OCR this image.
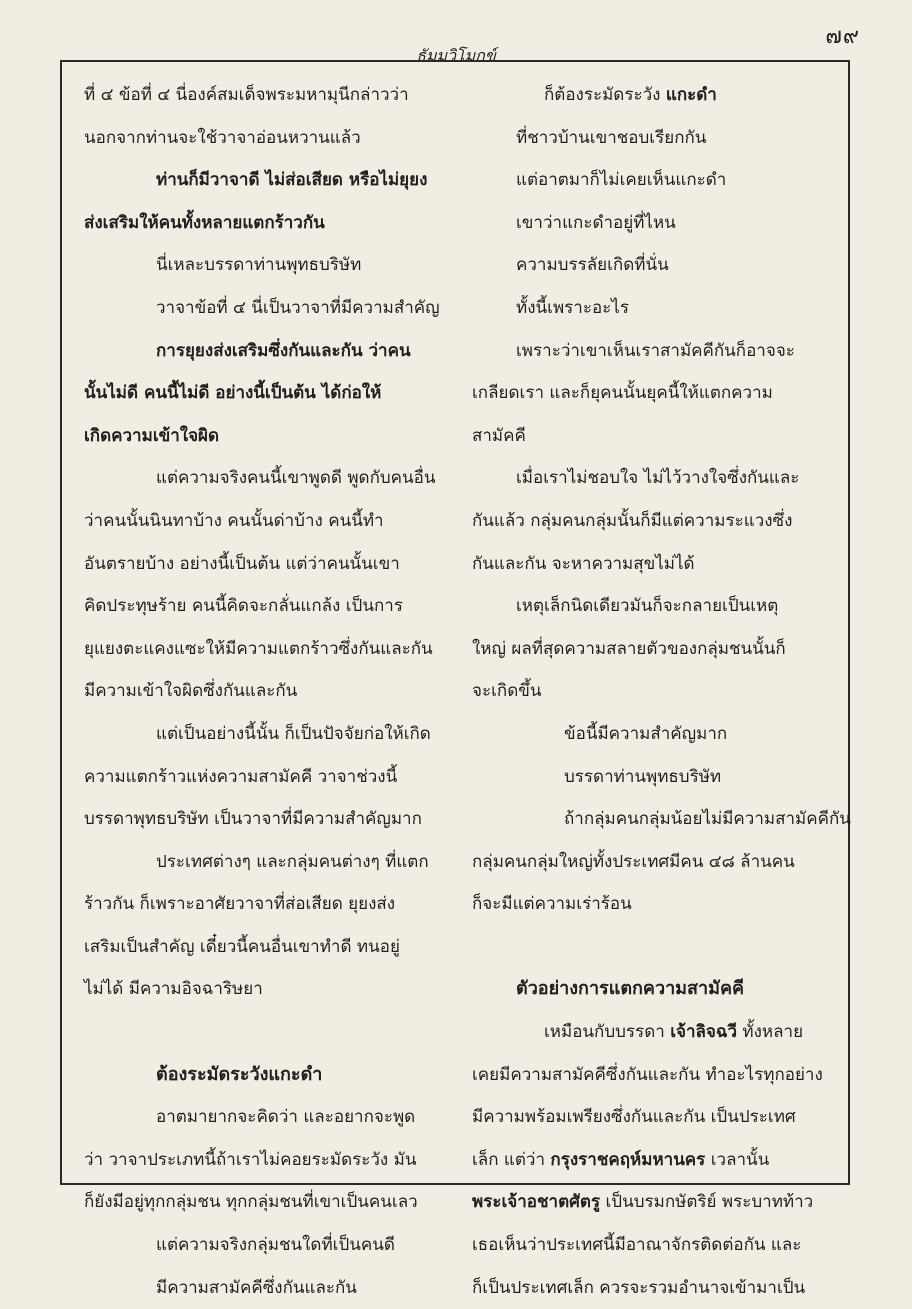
๗๙
ธัมมวิโมกข์
ที่ ๔ ข้อที่ ๔ นี่องค์สมเด็จพระมหามุนีกล่าวว่า
นอกจากท่านจะใช้วาจาอ่อนหวานแล้ว
ท่านก็มีวาจาดี ไม่ส่อเสียด หรือไม่ยุยง
ส่งเสริมให้คนทั้งหลายแตกร้าวกัน
นี่เหละบรรดาท่านพุทธบริษัท
วาจาข้อที่ ๔ นี่เป็นวาจาที่มีความสำคัญ
การยุยงส่งเสริมซึ่งกันและกัน ว่าคน
นั้นไม่ดี คนนี้ไม่ดี อย่างนี้เป็นต้น ได้ก่อให้
เกิดความเข้าใจผิด
แต่ความจริงคนนี้เขาพูดดี พูดกับคนอื่น
ว่าคนนั้นนินทาบ้าง คนนั้นด่าบ้าง คนนี้ทำ
อันตรายบ้าง อย่างนี้เป็นต้น แต่ว่าคนนั้นเขา
คิดประทุษร้าย คนนี้คิดจะกลั่นแกล้ง เป็นการ
ยุแยงตะแคงแซะให้มีความแตกร้าวซึ่งกันและกัน
มีความเข้าใจผิดซึ่งกันและกัน
แต่เป็นอย่างนี้นั้น ก็เป็นปัจจัยก่อให้เกิด
ความแตกร้าวแห่งความสามัคคี วาจาช่วงนี้
บรรดาพุทธบริษัท เป็นวาจาที่มีความสำคัญมาก
ประเทศต่างๆ และกลุ่มคนต่างๆ ที่แตก
ร้าวกัน ก็เพราะอาศัยวาจาที่ส่อเสียด ยุยงส่ง
เสริมเป็นสำคัญ เดี๋ยวนี้คนอื่นเขาทำดี ทนอยู่
ไม่ได้ มีความอิจฉาริษยา
ต้องระมัดระวังแกะดำ
อาตมายากจะคิดว่า และอยากจะพูด
ว่า วาจาประเภทนี้ถ้าเราไม่คอยระมัดระวัง มัน
ก็ยังมีอยู่ทุกกลุ่มชน ทุกกลุ่มชนที่เขาเป็นคนเลว
แต่ความจริงกลุ่มชนใดที่เป็นคนดี
มีความสามัคคีซึ่งกันและกัน
ก็ต้องระมัดระวัง แกะดำ
ที่ชาวบ้านเขาชอบเรียกกัน
แต่อาตมาก็ไม่เคยเห็นแกะดำ
เขาว่าแกะดำอยู่ที่ไหน
ความบรรลัยเกิดที่นั่น
ทั้งนี้เพราะอะไร
เพราะว่าเขาเห็นเราสามัคคีกันก็อาจจะ
เกลียดเรา และก็ยุคนนั้นยุคนี้ให้แตกความ
สามัคคี
เมื่อเราไม่ชอบใจ ไม่ไว้วางใจซึ่งกันและ
กันแล้ว กลุ่มคนกลุ่มนั้นก็มีแต่ความระแวงซึ่ง
กันและกัน จะหาความสุขไม่ได้
เหตุเล็กนิดเดียวมันก็จะกลายเป็นเหตุ
ใหญ่ ผลที่สุดความสลายตัวของกลุ่มชนนั้นก็
จะเกิดขึ้น
ข้อนี้มีความสำคัญมาก
บรรดาท่านพุทธบริษัท
ถ้ากลุ่มคนกลุ่มน้อยไม่มีความสามัคคีกัน
กลุ่มคนกลุ่มใหญ่ทั้งประเทศมีคน ๔๘ ล้านคน
ก็จะมีแต่ความเร่าร้อน
ตัวอย่างการแตกความสามัคคี
เหมือนกับบรรดา เจ้าลิจฉวี ทั้งหลาย
เคยมีความสามัคคีซึ่งกันและกัน ทำอะไรทุกอย่าง
มีความพร้อมเพรียงซึ่งกันและกัน เป็นประเทศ
เล็ก แต่ว่า กรุงราชคฤห์มหานคร เวลานั้น
พระเจ้าอชาตศัตรู เป็นบรมกษัตริย์ พระบาทท้าว
เธอเห็นว่าประเทศนี้มีอาณาจักรติดต่อกัน และ
ก็เป็นประเทศเล็ก ควรจะรวมอำนาจเข้ามาเป็น
